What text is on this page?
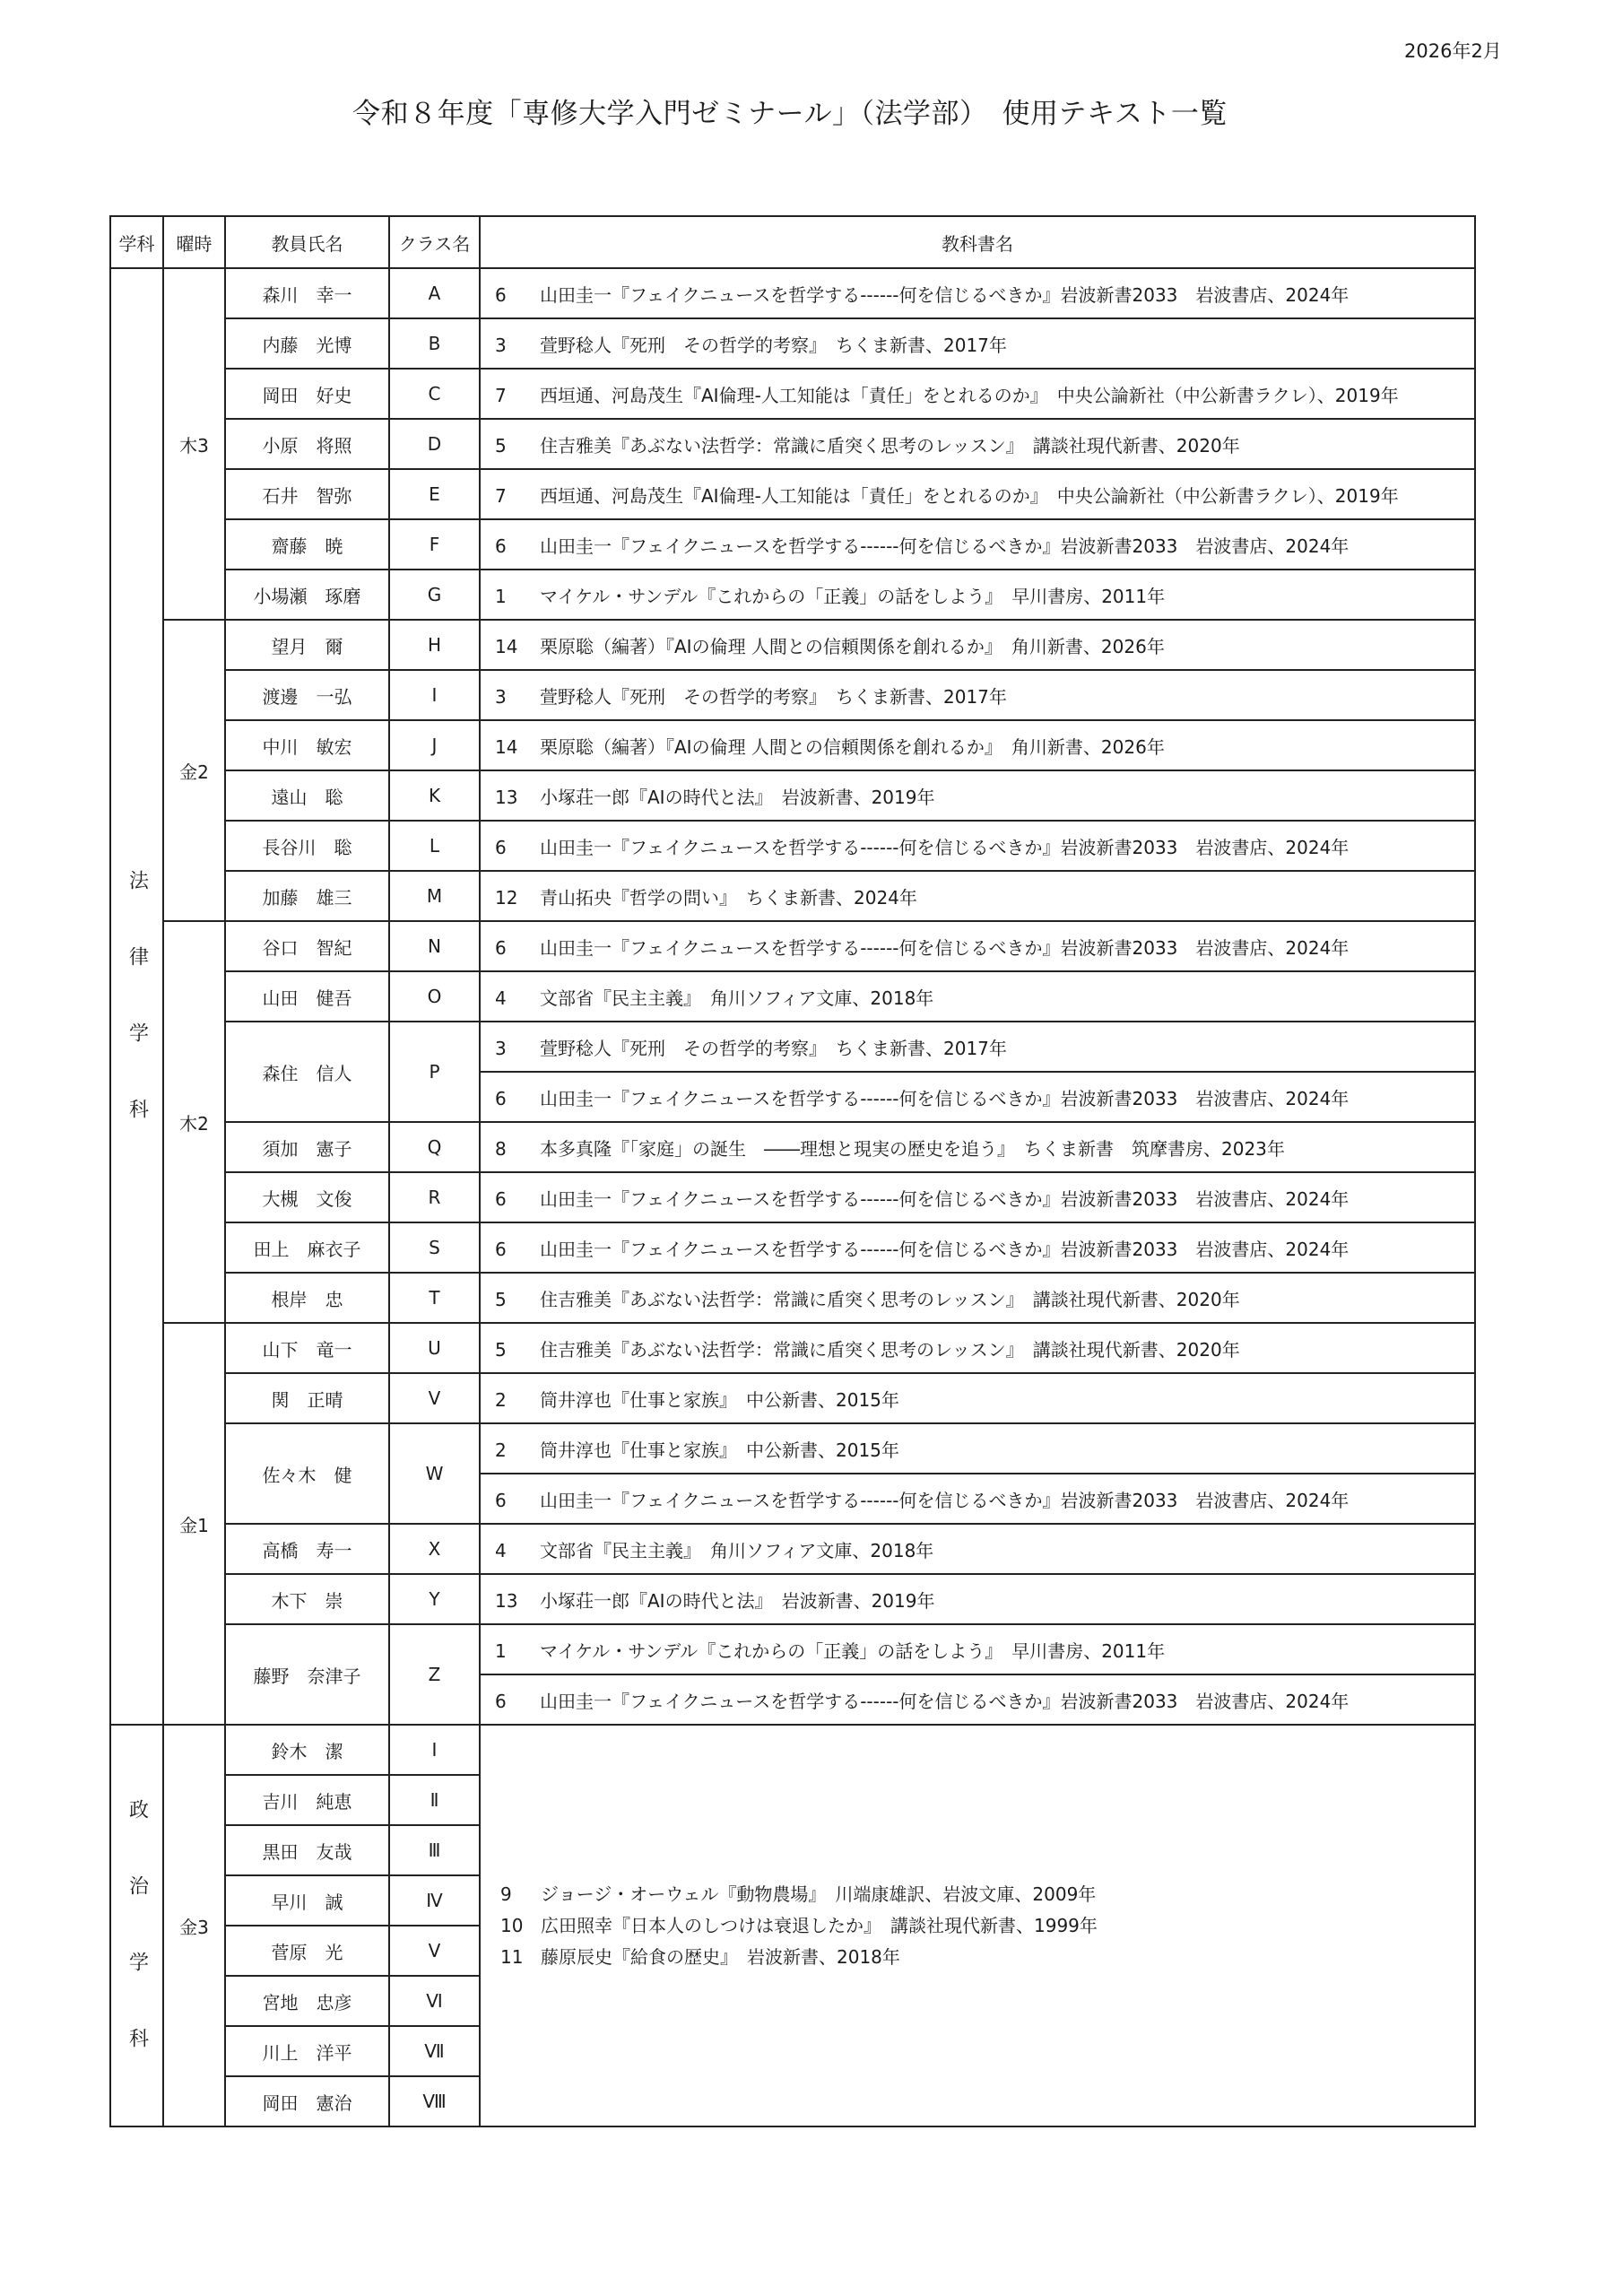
2026年2月
令和８年度「専修大学入門ゼミナール」（法学部）　使用テキスト一覧
学科	曜時	教員氏名	クラス名	教科書名
法律学科	木3	森川　幸一	A	6 山田圭一『フェイクニュースを哲学する------何を信じるべきか』岩波新書2033　岩波書店、2024年
		内藤　光博	B	3 萱野稔人『死刑　その哲学的考察』　ちくま新書、2017年
		岡田　好史	C	7 西垣通、河島茂生『AI倫理-人工知能は「責任」をとれるのか』　中央公論新社（中公新書ラクレ）、2019年
		小原　将照	D	5 住吉雅美『あぶない法哲学：常識に盾突く思考のレッスン』　講談社現代新書、2020年
		石井　智弥	E	7 西垣通、河島茂生『AI倫理-人工知能は「責任」をとれるのか』　中央公論新社（中公新書ラクレ）、2019年
		齋藤　暁	F	6 山田圭一『フェイクニュースを哲学する------何を信じるべきか』岩波新書2033　岩波書店、2024年
		小場瀬　琢磨	G	1 マイケル・サンデル『これからの「正義」の話をしよう』　早川書房、2011年
	金2	望月　爾	H	14 栗原聡（編著）『AIの倫理 人間との信頼関係を創れるか』　角川新書、2026年
		渡邊　一弘	I	3 萱野稔人『死刑　その哲学的考察』　ちくま新書、2017年
		中川　敏宏	J	14 栗原聡（編著）『AIの倫理 人間との信頼関係を創れるか』　角川新書、2026年
		遠山　聡	K	13 小塚荘一郎『AIの時代と法』　岩波新書、2019年
		長谷川　聡	L	6 山田圭一『フェイクニュースを哲学する------何を信じるべきか』岩波新書2033　岩波書店、2024年
		加藤　雄三	M	12 青山拓央『哲学の問い』　ちくま新書、2024年
	木2	谷口　智紀	N	6 山田圭一『フェイクニュースを哲学する------何を信じるべきか』岩波新書2033　岩波書店、2024年
		山田　健吾	O	4 文部省『民主主義』　角川ソフィア文庫、2018年
		森住　信人	P	3 萱野稔人『死刑　その哲学的考察』　ちくま新書、2017年
				6 山田圭一『フェイクニュースを哲学する------何を信じるべきか』岩波新書2033　岩波書店、2024年
		須加　憲子	Q	8 本多真隆『「家庭」の誕生　――理想と現実の歴史を追う』　ちくま新書　筑摩書房、2023年
		大槻　文俊	R	6 山田圭一『フェイクニュースを哲学する------何を信じるべきか』岩波新書2033　岩波書店、2024年
		田上　麻衣子	S	6 山田圭一『フェイクニュースを哲学する------何を信じるべきか』岩波新書2033　岩波書店、2024年
		根岸　忠	T	5 住吉雅美『あぶない法哲学：常識に盾突く思考のレッスン』　講談社現代新書、2020年
	金1	山下　竜一	U	5 住吉雅美『あぶない法哲学：常識に盾突く思考のレッスン』　講談社現代新書、2020年
		関　正晴	V	2 筒井淳也『仕事と家族』　中公新書、2015年
		佐々木　健	W	2 筒井淳也『仕事と家族』　中公新書、2015年
				6 山田圭一『フェイクニュースを哲学する------何を信じるべきか』岩波新書2033　岩波書店、2024年
		高橋　寿一	X	4 文部省『民主主義』　角川ソフィア文庫、2018年
		木下　崇	Y	13 小塚荘一郎『AIの時代と法』　岩波新書、2019年
		藤野　奈津子	Z	1 マイケル・サンデル『これからの「正義」の話をしよう』　早川書房、2011年
				6 山田圭一『フェイクニュースを哲学する------何を信じるべきか』岩波新書2033　岩波書店、2024年
政治学科	金3	鈴木　潔	Ⅰ	9 ジョージ・オーウェル『動物農場』　川端康雄訳、岩波文庫、2009年
10 広田照幸『日本人のしつけは衰退したか』　講談社現代新書、1999年
11 藤原辰史『給食の歴史』　岩波新書、2018年

		吉川　純恵	Ⅱ	
		黒田　友哉	Ⅲ	
		早川　誠	Ⅳ	
		菅原　光	Ⅴ	
		宮地　忠彦	Ⅵ	
		川上　洋平	Ⅶ	
		岡田　憲治	Ⅷ	
